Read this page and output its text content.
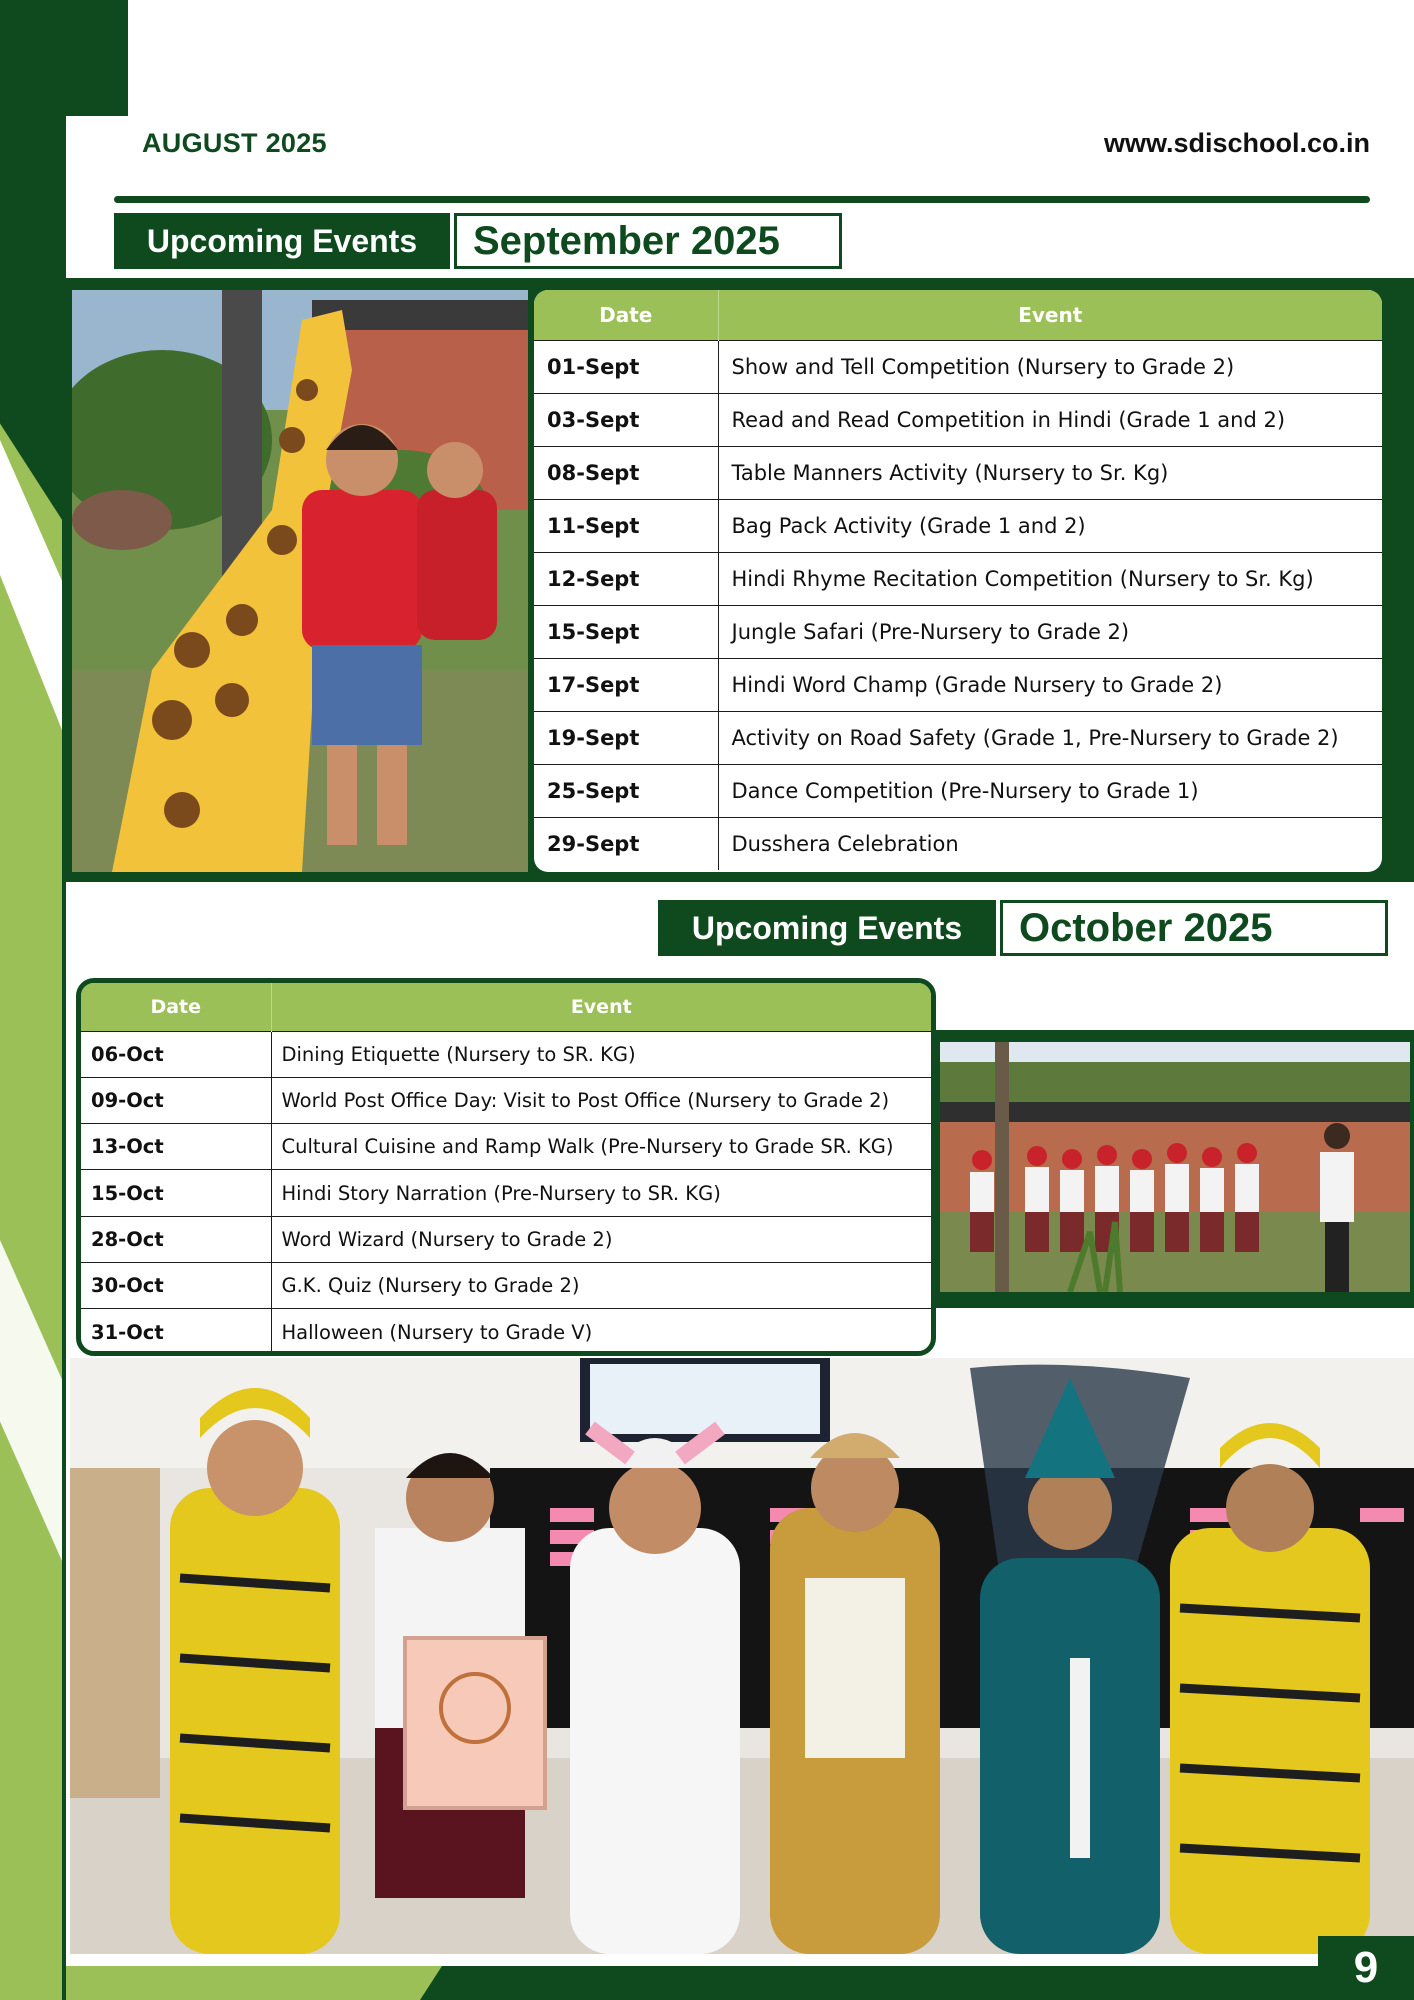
AUGUST 2025	www.sdischool.co.in
Upcoming Events	September 2025
Date	Event
01-Sept	Show and Tell Competition (Nursery to Grade 2)
03-Sept	Read and Read Competition in Hindi (Grade 1 and 2)
08-Sept	Table Manners Activity (Nursery to Sr. Kg)
11-Sept	Bag Pack Activity (Grade 1 and 2)
12-Sept	Hindi Rhyme Recitation Competition (Nursery to Sr. Kg)
15-Sept	Jungle Safari (Pre-Nursery to Grade 2)
17-Sept	Hindi Word Champ (Grade Nursery to Grade 2)
19-Sept	Activity on Road Safety (Grade 1, Pre-Nursery to Grade 2)
25-Sept	Dance Competition (Pre-Nursery to Grade 1)
29-Sept	Dusshera Celebration
Upcoming Events	October 2025
Date	Event
06-Oct	Dining Etiquette (Nursery to SR. KG)
09-Oct	World Post Office Day: Visit to Post Office (Nursery to Grade 2)
13-Oct	Cultural Cuisine and Ramp Walk (Pre-Nursery to Grade SR. KG)
15-Oct	Hindi Story Narration (Pre-Nursery to SR. KG)
28-Oct	Word Wizard (Nursery to Grade 2)
30-Oct	G.K. Quiz (Nursery to Grade 2)
31-Oct	Halloween (Nursery to Grade V)
9
